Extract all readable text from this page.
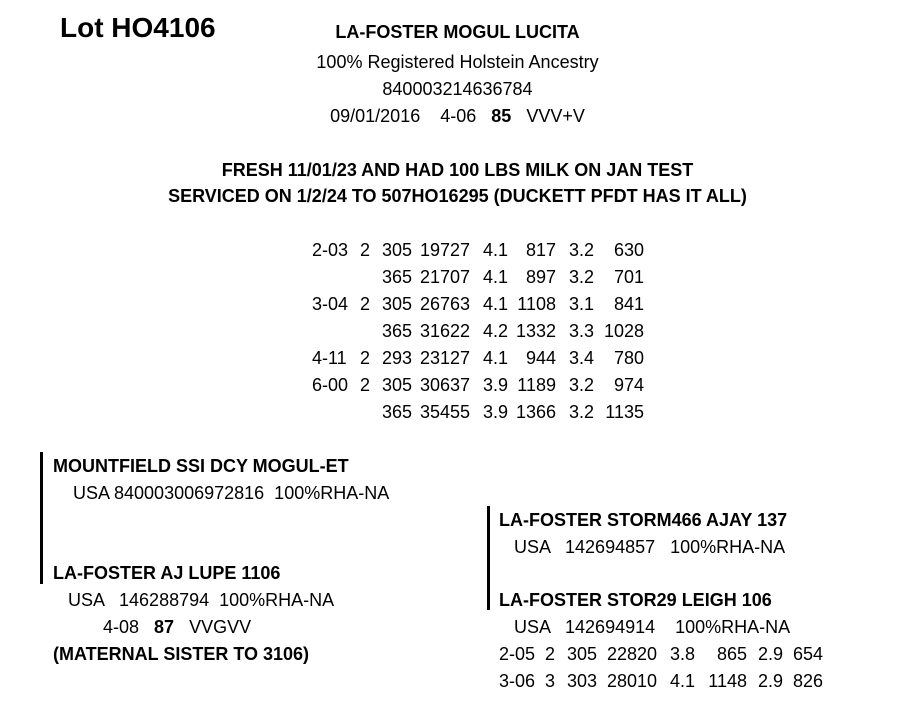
Lot HO4106	LA-FOSTER MOGUL LUCITA
100% Registered Holstein Ancestry
840003214636784
09/01/2016 4-06 85 VVV+V
FRESH 11/01/23 AND HAD 100 LBS MILK ON JAN TEST
SERVICED ON 1/2/24 TO 507HO16295 (DUCKETT PFDT HAS IT ALL)
2-03 2 305 19727 4.1 817 3.2	630
365 21707 4.1 897 3.2	701
3-04 2 305 26763 4.1 1108 3.1	841
365 31622 4.2 1332 3.3 1028
4-11 2 293 23127 4.1 944 3.4	780
6-00 2 305 30637 3.9 1189 3.2	974
365 35455 3.9 1366 3.2 1135
MOUNTFIELD SSI DCY MOGUL-ET
USA 840003006972816  100%RHA-NA
LA-FOSTER AJ LUPE 1106
USA   146288794  100%RHA-NA
4-08 87 VVGVV
(MATERNAL SISTER TO 3106)
LA-FOSTER STORM466 AJAY 137
USA   142694857   100%RHA-NA
LA-FOSTER STOR29 LEIGH 106
USA   142694914    100%RHA-NA
2-05 2 305 22820 3.8	865 2.9 654
3-06 3 303 28010 4.1 1148 2.9 826
